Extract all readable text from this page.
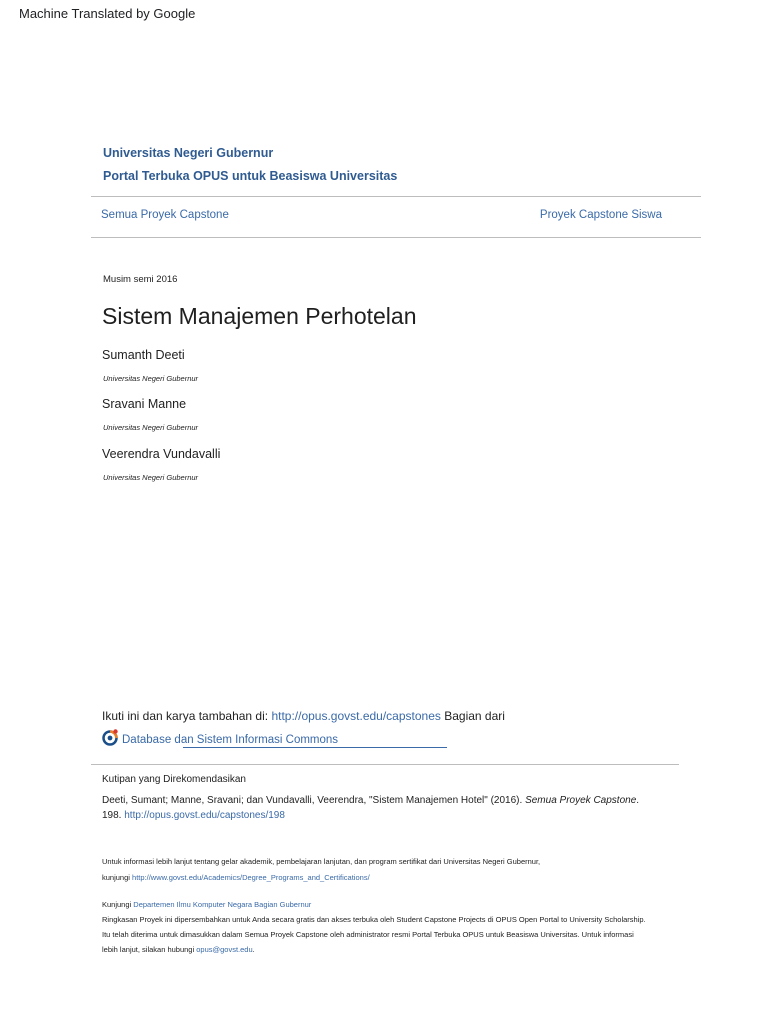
Machine Translated by Google
Universitas Negeri Gubernur
Portal Terbuka OPUS untuk Beasiswa Universitas
Semua Proyek Capstone	Proyek Capstone Siswa
Musim semi 2016
Sistem Manajemen Perhotelan
Sumanth Deeti
Universitas Negeri Gubernur
Sravani Manne
Universitas Negeri Gubernur
Veerendra Vundavalli
Universitas Negeri Gubernur
Ikuti ini dan karya tambahan di: http://opus.govst.edu/capstones Bagian dari
Database dan Sistem Informasi Commons
Kutipan yang Direkomendasikan
Deeti, Sumant; Manne, Sravani; dan Vundavalli, Veerendra, "Sistem Manajemen Hotel" (2016). Semua Proyek Capstone.
198. http://opus.govst.edu/capstones/198
Untuk informasi lebih lanjut tentang gelar akademik, pembelajaran lanjutan, dan program sertifikat dari Universitas Negeri Gubernur,
kunjungi http://www.govst.edu/Academics/Degree_Programs_and_Certifications/
Kunjungi Departemen Ilmu Komputer Negara Bagian Gubernur
Ringkasan Proyek ini dipersembahkan untuk Anda secara gratis dan akses terbuka oleh Student Capstone Projects di OPUS Open Portal to University Scholarship.
Itu telah diterima untuk dimasukkan dalam Semua Proyek Capstone oleh administrator resmi Portal Terbuka OPUS untuk Beasiswa Universitas. Untuk informasi
lebih lanjut, silakan hubungi opus@govst.edu.
